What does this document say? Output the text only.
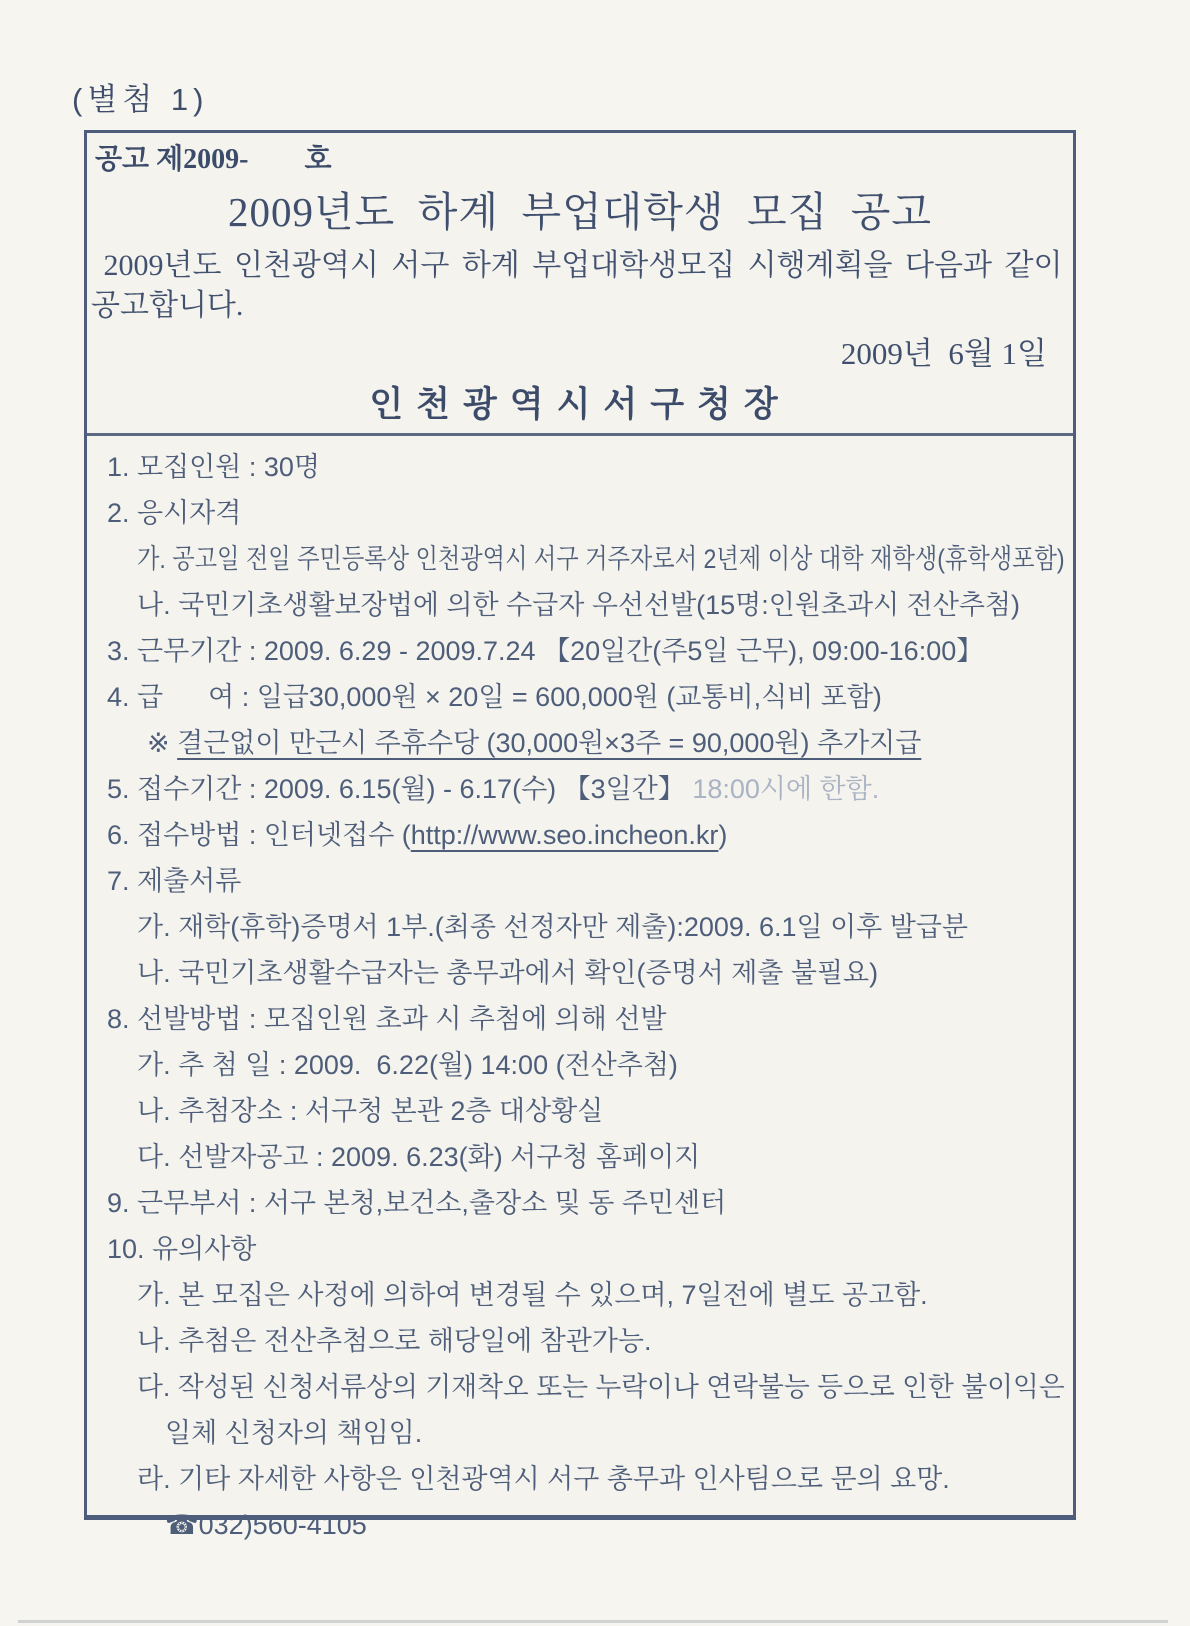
(별첨 1)
공고 제2009-        호
2009년도  하계  부업대학생  모집  공고
2009년도 인천광역시 서구 하계 부업대학생모집 시행계획을 다음과 같이
공고합니다.
2009년  6월 1일
인천광역시서구청장
1. 모집인원 : 30명
2. 응시자격
가. 공고일 전일 주민등록상 인천광역시 서구 거주자로서 2년제 이상 대학 재학생(휴학생포함)
나. 국민기초생활보장법에 의한 수급자 우선선발(15명:인원초과시 전산추첨)
3. 근무기간 : 2009. 6.29 - 2009.7.24 【20일간(주5일 근무), 09:00-16:00】
4. 급      여 : 일급30,000원 × 20일 = 600,000원 (교통비,식비 포함)
※ 결근없이 만근시 주휴수당 (30,000원×3주 = 90,000원) 추가지급
5. 접수기간 : 2009. 6.15(월) - 6.17(수) 【3일간】 18:00시에 한함.
6. 접수방법 : 인터넷접수 (http://www.seo.incheon.kr)
7. 제출서류
가. 재학(휴학)증명서 1부.(최종 선정자만 제출):2009. 6.1일 이후 발급분
나. 국민기초생활수급자는 총무과에서 확인(증명서 제출 불필요)
8. 선발방법 : 모집인원 초과 시 추첨에 의해 선발
가. 추 첨 일 : 2009.  6.22(월) 14:00 (전산추첨)
나. 추첨장소 : 서구청 본관 2층 대상황실
다. 선발자공고 : 2009. 6.23(화) 서구청 홈페이지
9. 근무부서 : 서구 본청,보건소,출장소 및 동 주민센터
10. 유의사항
가. 본 모집은 사정에 의하여 변경될 수 있으며, 7일전에 별도 공고함.
나. 추첨은 전산추첨으로 해당일에 참관가능.
다. 작성된 신청서류상의 기재착오 또는 누락이나 연락불능 등으로 인한 불이익은
일체 신청자의 책임임.
라. 기타 자세한 사항은 인천광역시 서구 총무과 인사팀으로 문의 요망.
☎032)560-4105
